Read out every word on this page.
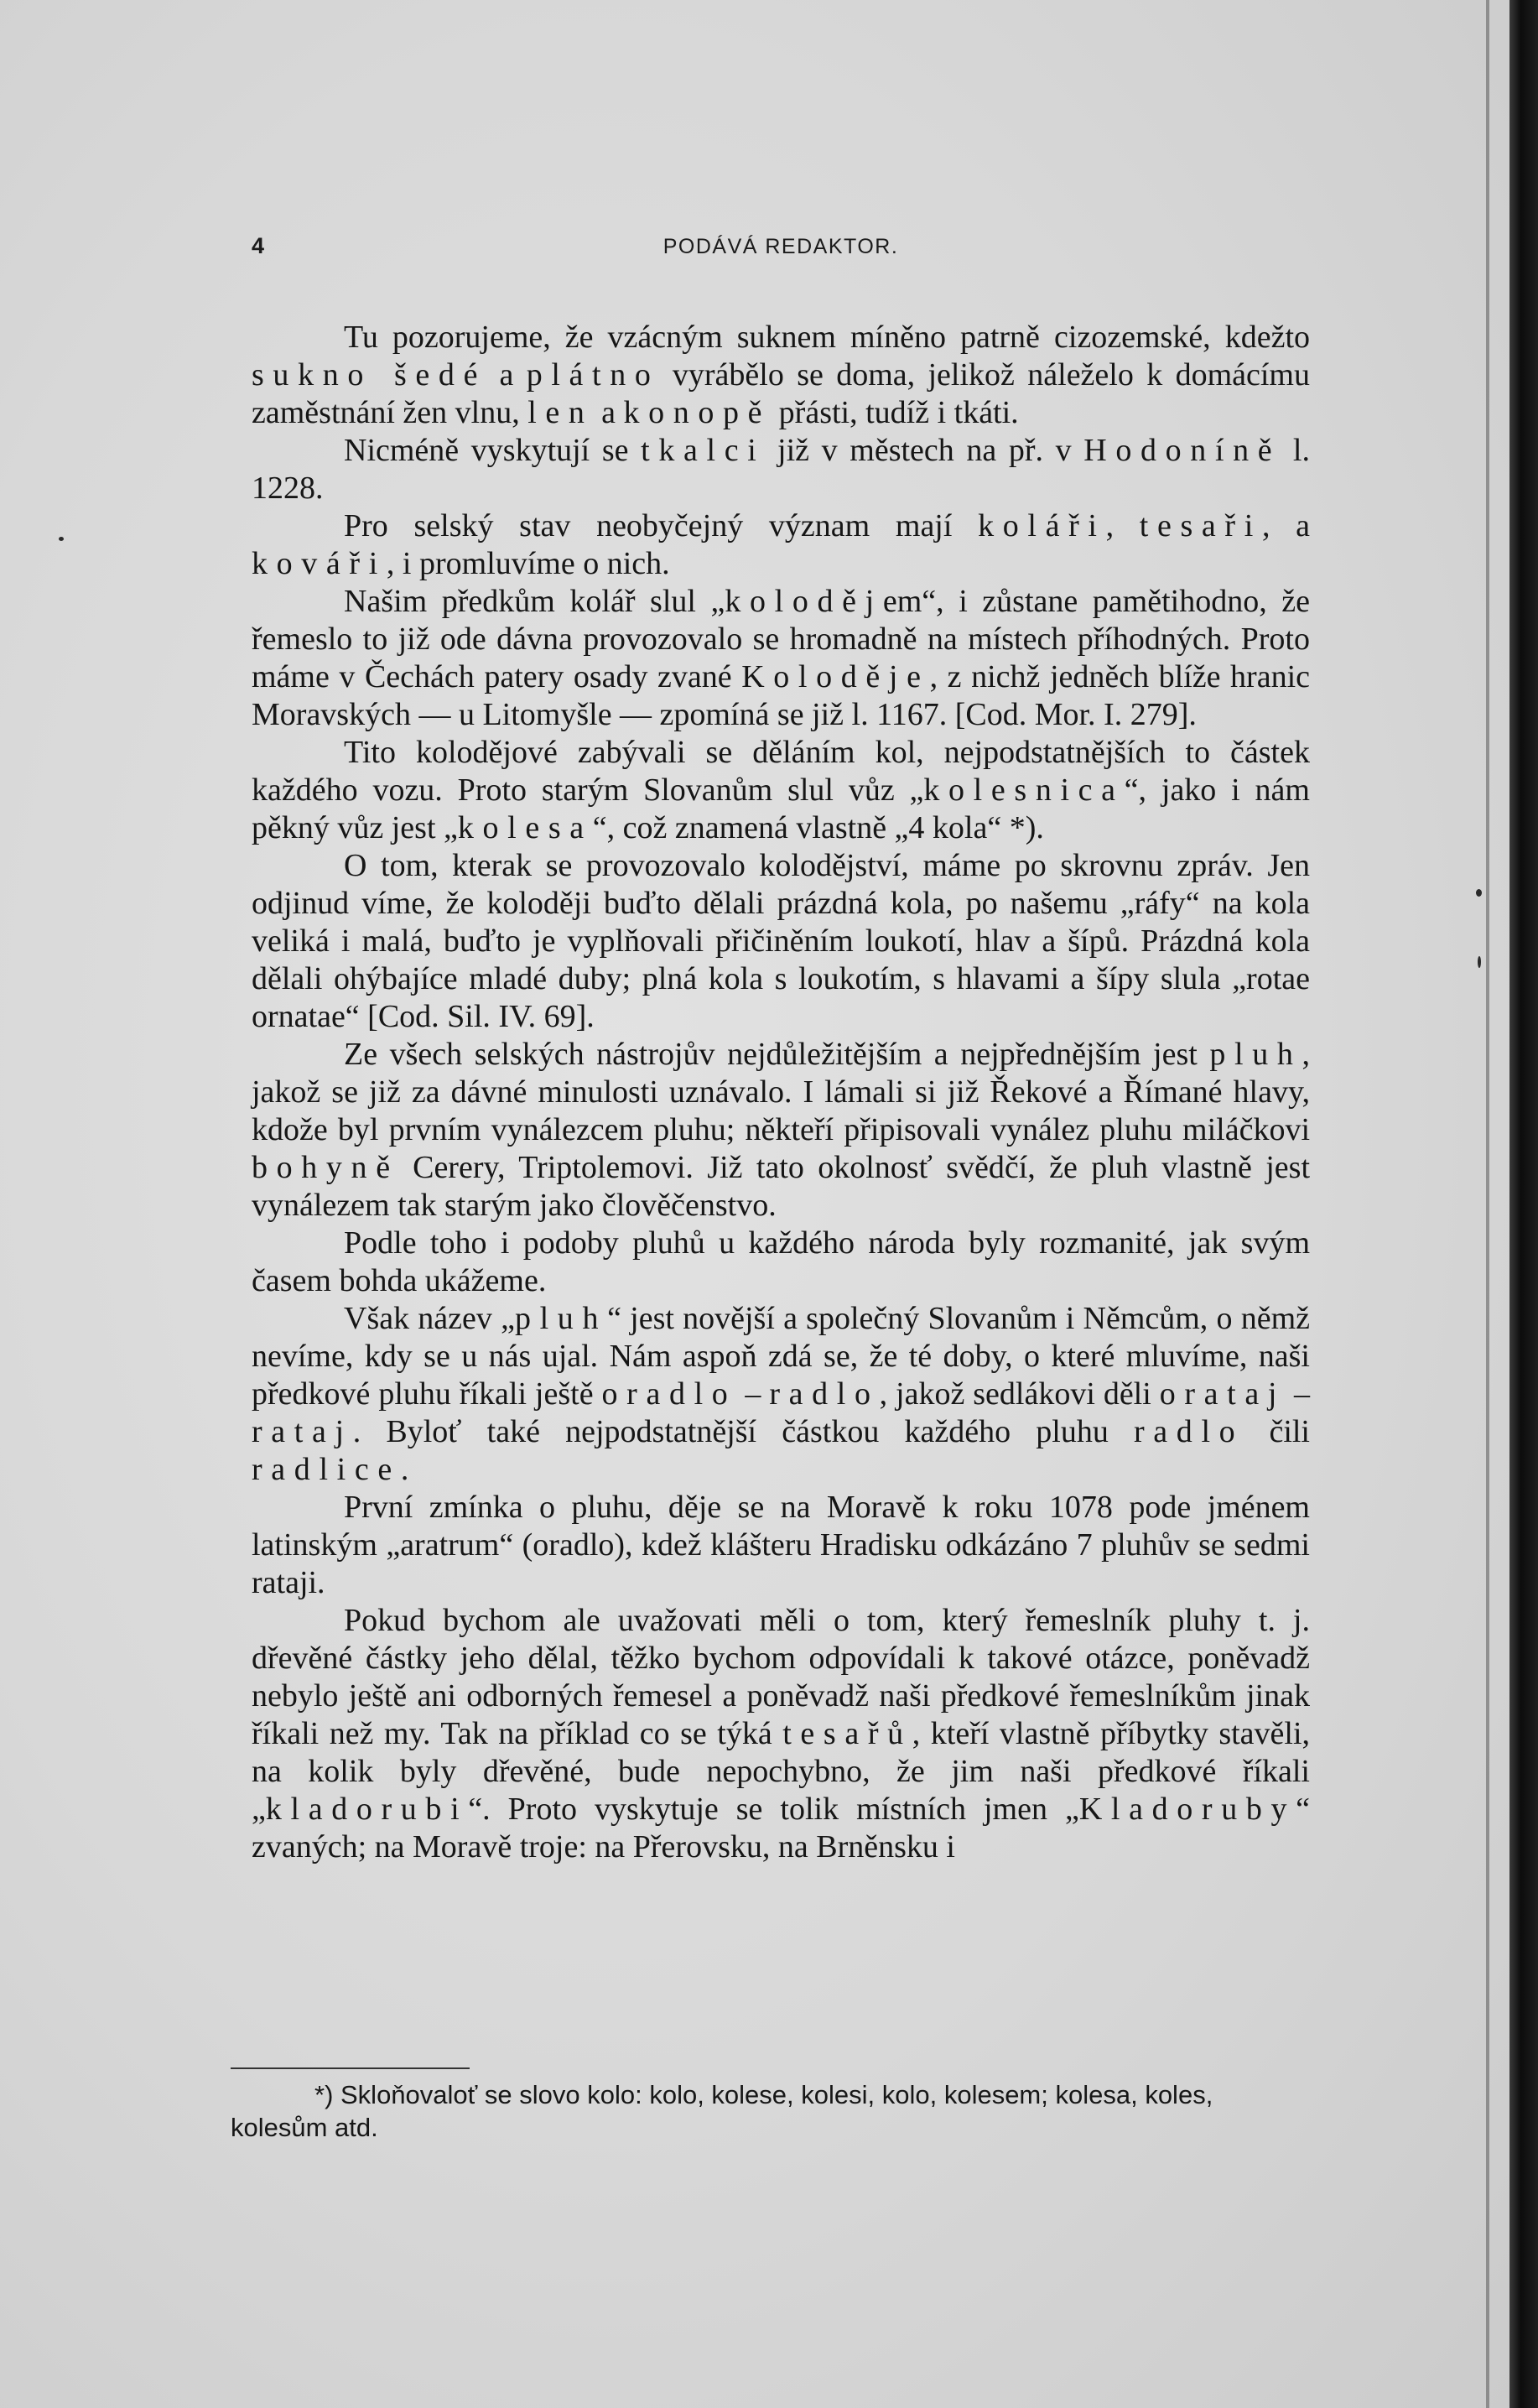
4	PODÁVÁ REDAKTOR.

Tu pozorujeme, že vzácným suknem míněno patrně cizozemské, kdežto sukno šedé a plátno vyrábělo se doma, jelikož náleželo k domácímu zaměstnání žen vlnu, len a konopě přásti, tudíž i tkáti.

Nicméně vyskytují se tkalci již v městech na př. v Hodoníně l. 1228.

Pro selský stav neobyčejný význam mají koláři, tesaři, a kováři, i promluvíme o nich.

Našim předkům kolář slul „kolodějem“, i zůstane pamětihodno, že řemeslo to již ode dávna provozovalo se hromadně na místech příhodných. Proto máme v Čechách patery osady zvané Koloděje, z nichž jedněch blíže hranic Moravských — u Litomyšle — zpomíná se již l. 1167. [Cod. Mor. I. 279].

Tito kolodějové zabývali se děláním kol, nejpodstatnějších to částek každého vozu. Proto starým Slovanům slul vůz „kolesnica“, jako i nám pěkný vůz jest „kolesa“, což znamená vlastně „4 kola“ *).

O tom, kterak se provozovalo kolodějství, máme po skrovnu zpráv. Jen odjinud víme, že koloději buďto dělali prázdná kola, po našemu „ráfy“ na kola veliká i malá, buďto je vyplňovali přičiněním loukotí, hlav a šípů. Prázdná kola dělali ohýbajíce mladé duby; plná kola s loukotím, s hlavami a šípy slula „rotae ornatae“ [Cod. Sil. IV. 69].

Ze všech selských nástrojův nejdůležitějším a nejpřednějším jest pluh, jakož se již za dávné minulosti uznávalo. I lámali si již Řekové a Římané hlavy, kdože byl prvním vynálezcem pluhu; někteří připisovali vynález pluhu miláčkovi bohyně Cerery, Triptolemovi. Již tato okolnosť svědčí, že pluh vlastně jest vynálezem tak starým jako člověčenstvo.

Podle toho i podoby pluhů u každého národa byly rozmanité, jak svým časem bohda ukážeme.

Však název „pluh“ jest novější a společný Slovanům i Němcům, o němž nevíme, kdy se u nás ujal. Nám aspoň zdá se, že té doby, o které mluvíme, naši předkové pluhu říkali ještě oradlo – radlo, jakož sedlákovi děli orataj – rataj. Byloť také nejpodstatnější částkou každého pluhu radlo čili radlice.

První zmínka o pluhu, děje se na Moravě k roku 1078 pode jménem latinským „aratrum“ (oradlo), kdež klášteru Hradisku odkázáno 7 pluhův se sedmi rataji.

Pokud bychom ale uvažovati měli o tom, který řemeslník pluhy t. j. dřevěné částky jeho dělal, těžko bychom odpovídali k takové otázce, poněvadž nebylo ještě ani odborných řemesel a poněvadž naši předkové řemeslníkům jinak říkali než my. Tak na příklad co se týká tesařů, kteří vlastně příbytky stavěli, na kolik byly dřevěné, bude nepochybno, že jim naši předkové říkali „kladorubi“. Proto vyskytuje se tolik místních jmen „Kladoruby“ zvaných; na Moravě troje: na Přerovsku, na Brněnsku i

*) Skloňovaloť se slovo kolo: kolo, kolese, kolesi, kolo, kolesem; kolesa, koles, kolesům atd.
